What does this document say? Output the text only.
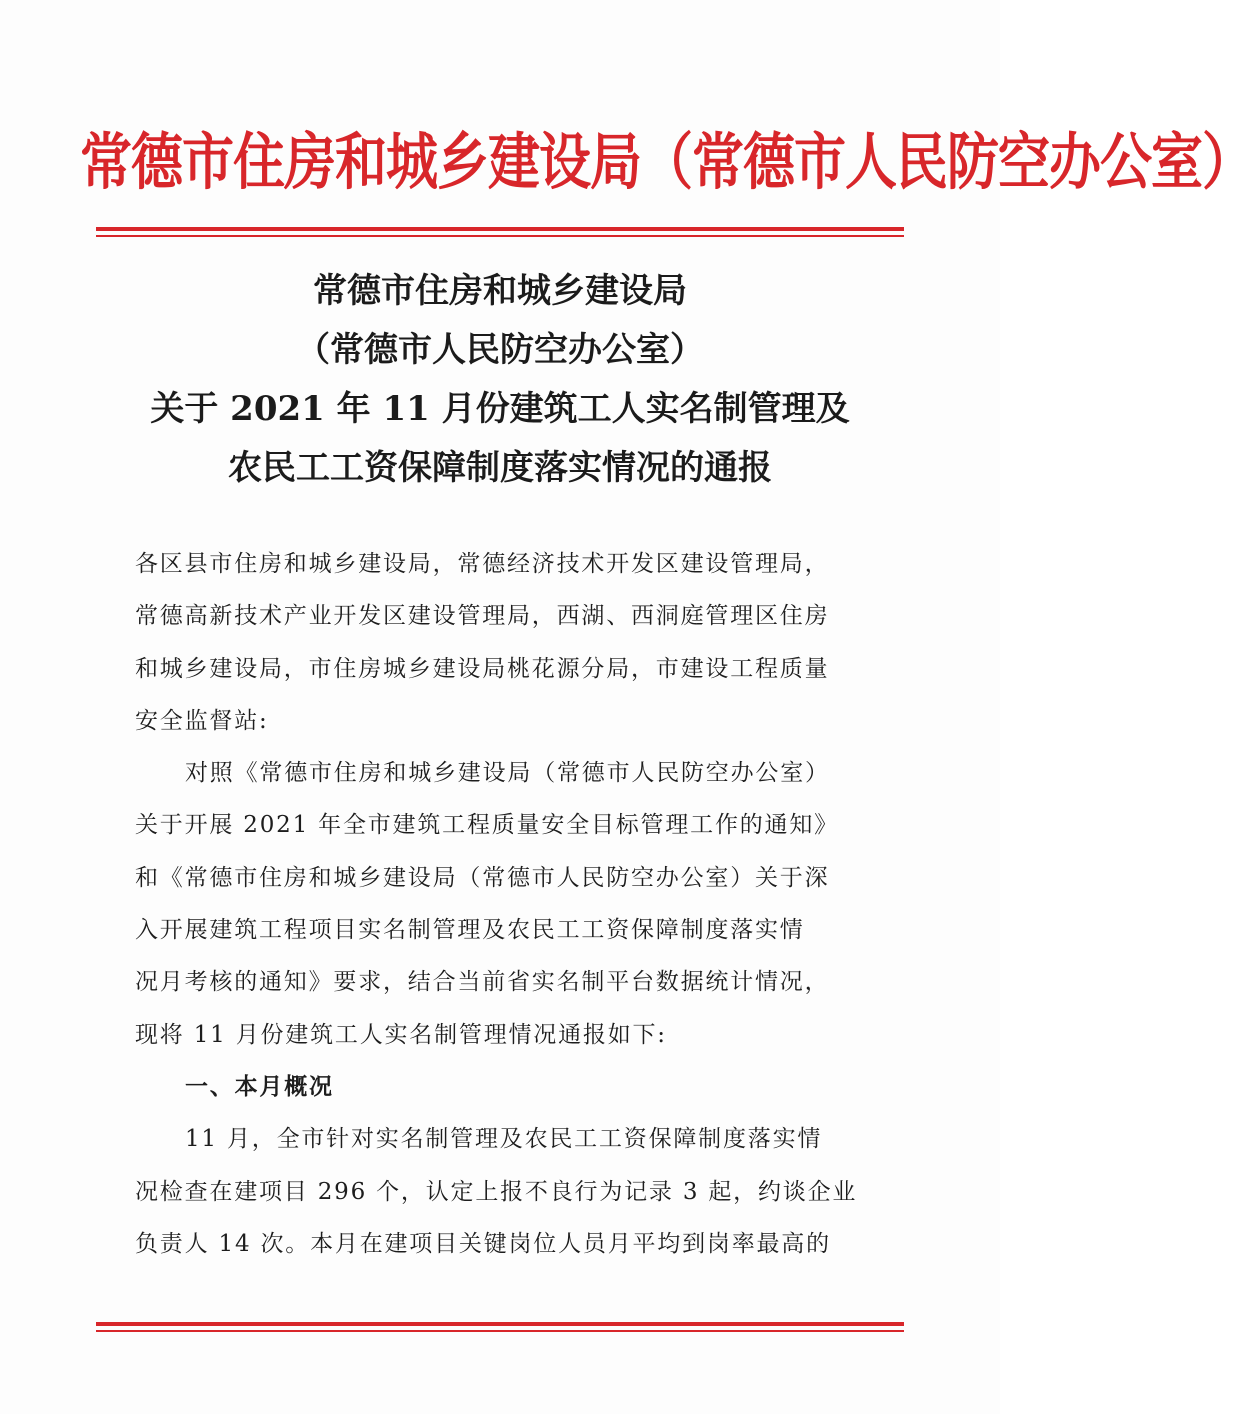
常德市住房和城乡建设局（常德市人民防空办公室）
常德市住房和城乡建设局
（常德市人民防空办公室）
关于 2021 年 11 月份建筑工人实名制管理及
农民工工资保障制度落实情况的通报
各区县市住房和城乡建设局，常德经济技术开发区建设管理局，
常德高新技术产业开发区建设管理局，西湖、西洞庭管理区住房
和城乡建设局，市住房城乡建设局桃花源分局，市建设工程质量
安全监督站:
对照《常德市住房和城乡建设局（常德市人民防空办公室）
关于开展 2021 年全市建筑工程质量安全目标管理工作的通知》
和《常德市住房和城乡建设局（常德市人民防空办公室）关于深
入开展建筑工程项目实名制管理及农民工工资保障制度落实情
况月考核的通知》要求，结合当前省实名制平台数据统计情况，
现将 11 月份建筑工人实名制管理情况通报如下:
一、本月概况
11 月，全市针对实名制管理及农民工工资保障制度落实情
况检查在建项目 296 个，认定上报不良行为记录 3 起，约谈企业
负责人 14 次。本月在建项目关键岗位人员月平均到岗率最高的
